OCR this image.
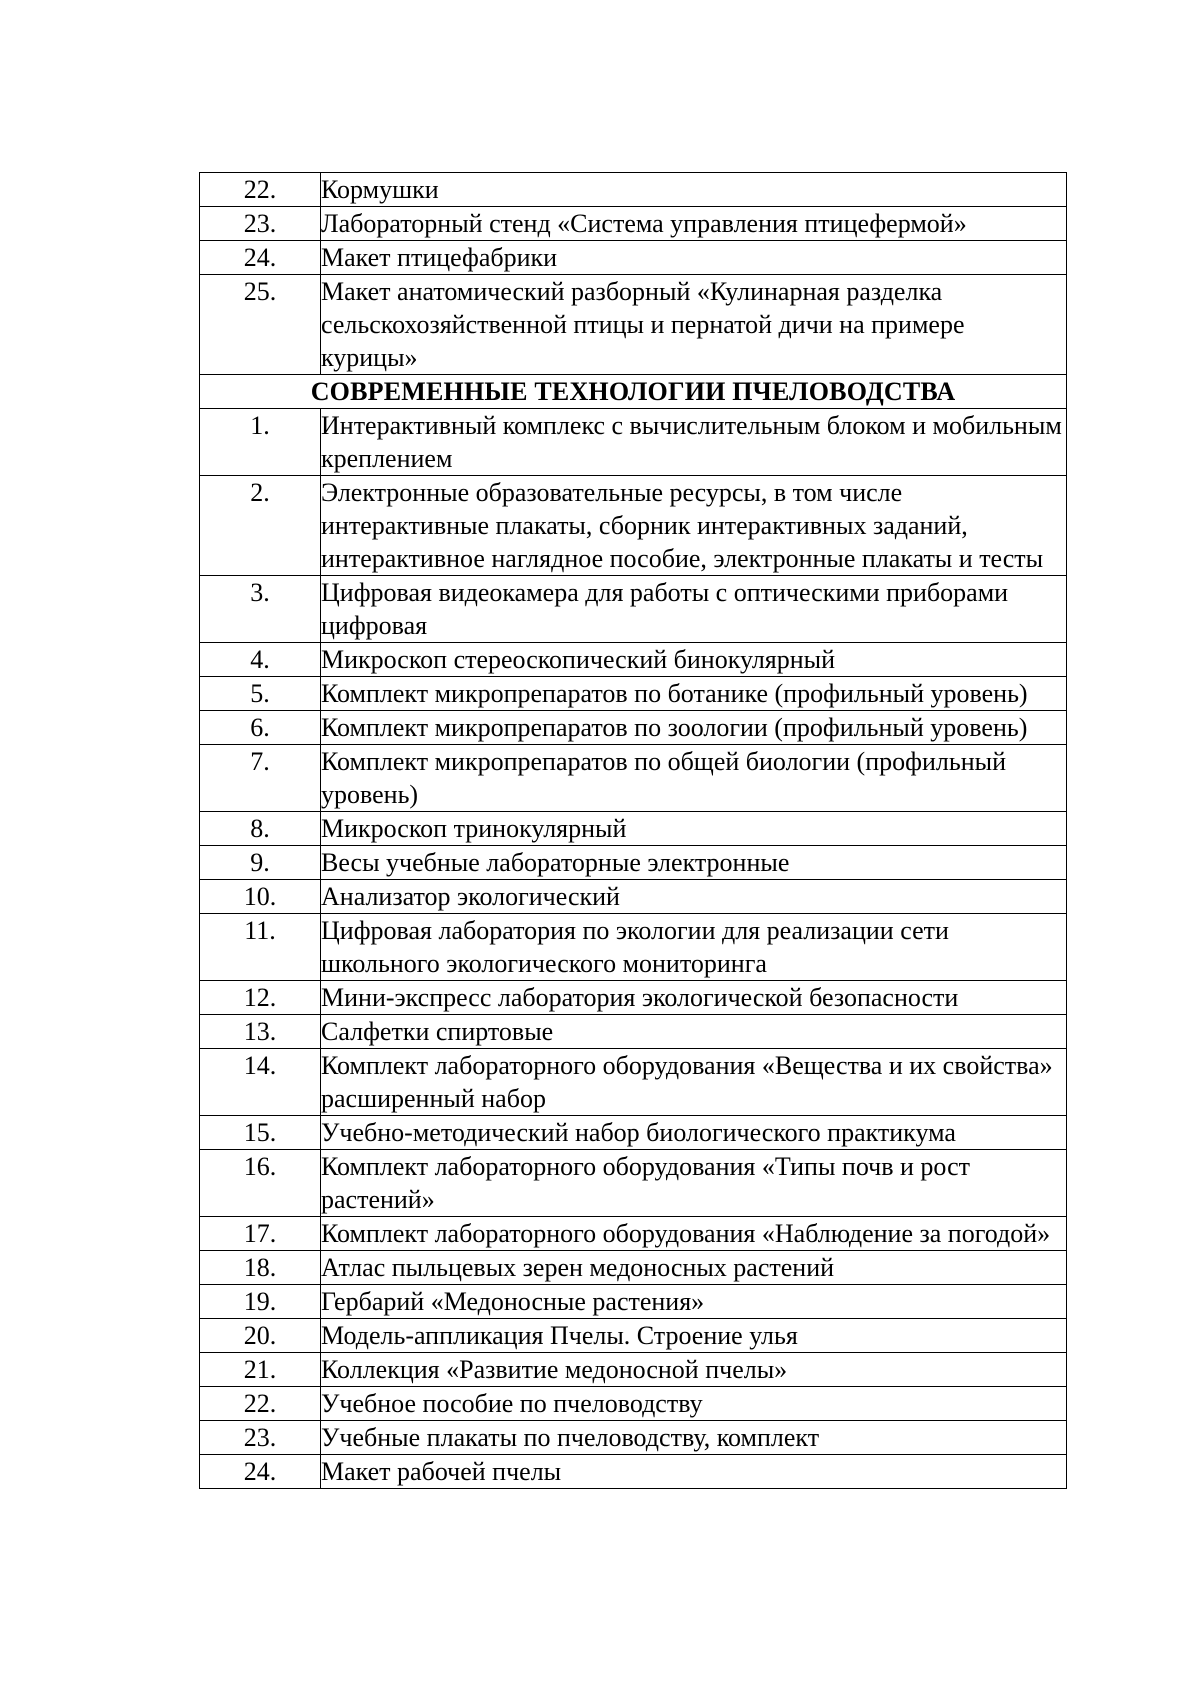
22.	Кормушки
23.	Лабораторный стенд «Система управления птицефермой»
24.	Макет птицефабрики
25.	Макет анатомический разборный «Кулинарная разделка сельскохозяйственной птицы и пернатой дичи на примере курицы»
СОВРЕМЕННЫЕ ТЕХНОЛОГИИ ПЧЕЛОВОДСТВА	
1.	Интерактивный комплекс с вычислительным блоком и мобильным креплением
2.	Электронные образовательные ресурсы, в том числе интерактивные плакаты, сборник интерактивных заданий, интерактивное наглядное пособие, электронные плакаты и тесты
3.	Цифровая видеокамера для работы с оптическими приборами цифровая
4.	Микроскоп стереоскопический бинокулярный
5.	Комплект микропрепаратов по ботанике (профильный уровень)
6.	Комплект микропрепаратов по зоологии (профильный уровень)
7.	Комплект микропрепаратов по общей биологии (профильный уровень)
8.	Микроскоп тринокулярный
9.	Весы учебные лабораторные электронные
10.	Анализатор экологический
11.	Цифровая лаборатория по экологии для реализации сети школьного экологического мониторинга
12.	Мини-экспресс лаборатория экологической безопасности
13.	Салфетки спиртовые
14.	Комплект лабораторного оборудования «Вещества и их свойства» расширенный набор
15.	Учебно-методический набор биологического практикума
16.	Комплект лабораторного оборудования «Типы почв и рост растений»
17.	Комплект лабораторного оборудования «Наблюдение за погодой»
18.	Атлас пыльцевых зерен медоносных растений
19.	Гербарий «Медоносные растения»
20.	Модель-аппликация Пчелы. Строение улья
21.	Коллекция «Развитие медоносной пчелы»
22.	Учебное пособие по пчеловодству
23.	Учебные плакаты по пчеловодству, комплект
24.	Макет рабочей пчелы
